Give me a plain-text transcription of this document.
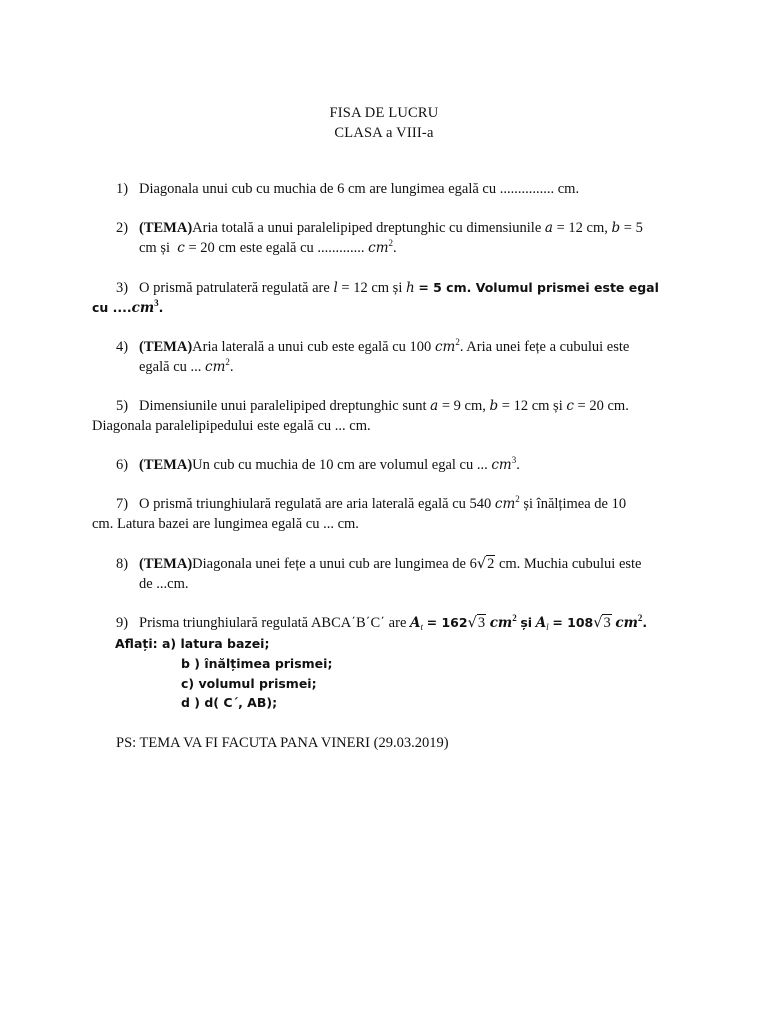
FISA DE LUCRU
CLASA a VIII-a
1) Diagonala unui cub cu muchia de 6 cm are lungimea egală cu ............... cm.
2) (TEMA)Aria totală a unui paralelipiped dreptunghic cu dimensiunile a = 12 cm, b = 5
cm și c = 20 cm este egală cu ............. $cm^2$.
3) O prismă patrulateră regulată are l = 12 cm și h = 5 cm. Volumul prismei este egal
cu $....cm^3$.
4) (TEMA)Aria laterală a unui cub este egală cu 100 $cm^2$. Aria unei fețe a cubului este
egală cu ... $cm^2$.
5) Dimensiunile unui paralelipiped dreptunghic sunt a = 9 cm, b = 12 cm și c = 20 cm.
Diagonala paralelipipedului este egală cu ... cm.
6) (TEMA)Un cub cu muchia de 10 cm are volumul egal cu ... $cm^3$.
7) O prismă triunghiulară regulată are aria laterală egală cu 540 $cm^2$ și înălțimea de 10
cm. Latura bazei are lungimea egală cu ... cm.
8) (TEMA)Diagonala unei fețe a unui cub are lungimea de 6√2 cm. Muchia cubului este
de ...cm.
9) Prisma triunghiulară regulată ABCA΄B΄C΄ are $A_t = 162√3$ $cm^2$ și $A_l = 108√3$ $cm^2$.
Aflați: a) latura bazei;
b ) înălțimea prismei;
c) volumul prismei;
d ) d( C΄, AB);
PS: TEMA VA FI FACUTA PANA VINERI (29.03.2019)
